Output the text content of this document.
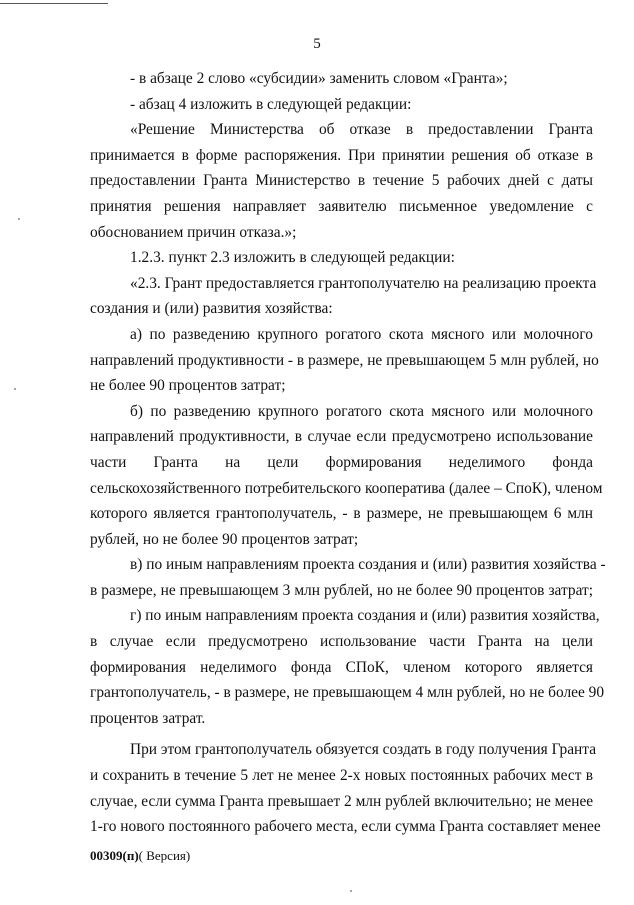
5
- в абзаце 2 слово «субсидии» заменить словом «Гранта»;
- абзац 4 изложить в следующей редакции:
«Решение Министерства об отказе в предоставлении Гранта
принимается в форме распоряжения. При принятии решения об отказе в
предоставлении Гранта Министерство в течение 5 рабочих дней с даты
принятия решения направляет заявителю письменное уведомление с
обоснованием причин отказа.»;
1.2.3. пункт 2.3 изложить в следующей редакции:
«2.3. Грант предоставляется грантополучателю на реализацию проекта
создания и (или) развития хозяйства:
а) по разведению крупного рогатого скота мясного или молочного
направлений продуктивности - в размере, не превышающем 5 млн рублей, но
не более 90 процентов затрат;
б) по разведению крупного рогатого скота мясного или молочного
направлений продуктивности, в случае если предусмотрено использование
части Гранта на цели формирования неделимого фонда
сельскохозяйственного потребительского кооператива (далее – СпоК), членом
которого является грантополучатель, - в размере, не превышающем 6 млн
рублей, но не более 90 процентов затрат;
в) по иным направлениям проекта создания и (или) развития хозяйства -
в размере, не превышающем 3 млн рублей, но не более 90 процентов затрат;
г) по иным направлениям проекта создания и (или) развития хозяйства,
в случае если предусмотрено использование части Гранта на цели
формирования неделимого фонда СПоК, членом которого является
грантополучатель, - в размере, не превышающем 4 млн рублей, но не более 90
процентов затрат.
При этом грантополучатель обязуется создать в году получения Гранта
и сохранить в течение 5 лет не менее 2-х новых постоянных рабочих мест в
случае, если сумма Гранта превышает 2 млн рублей включительно; не менее
1-го нового постоянного рабочего места, если сумма Гранта составляет менее
00309(п)( Версия)
